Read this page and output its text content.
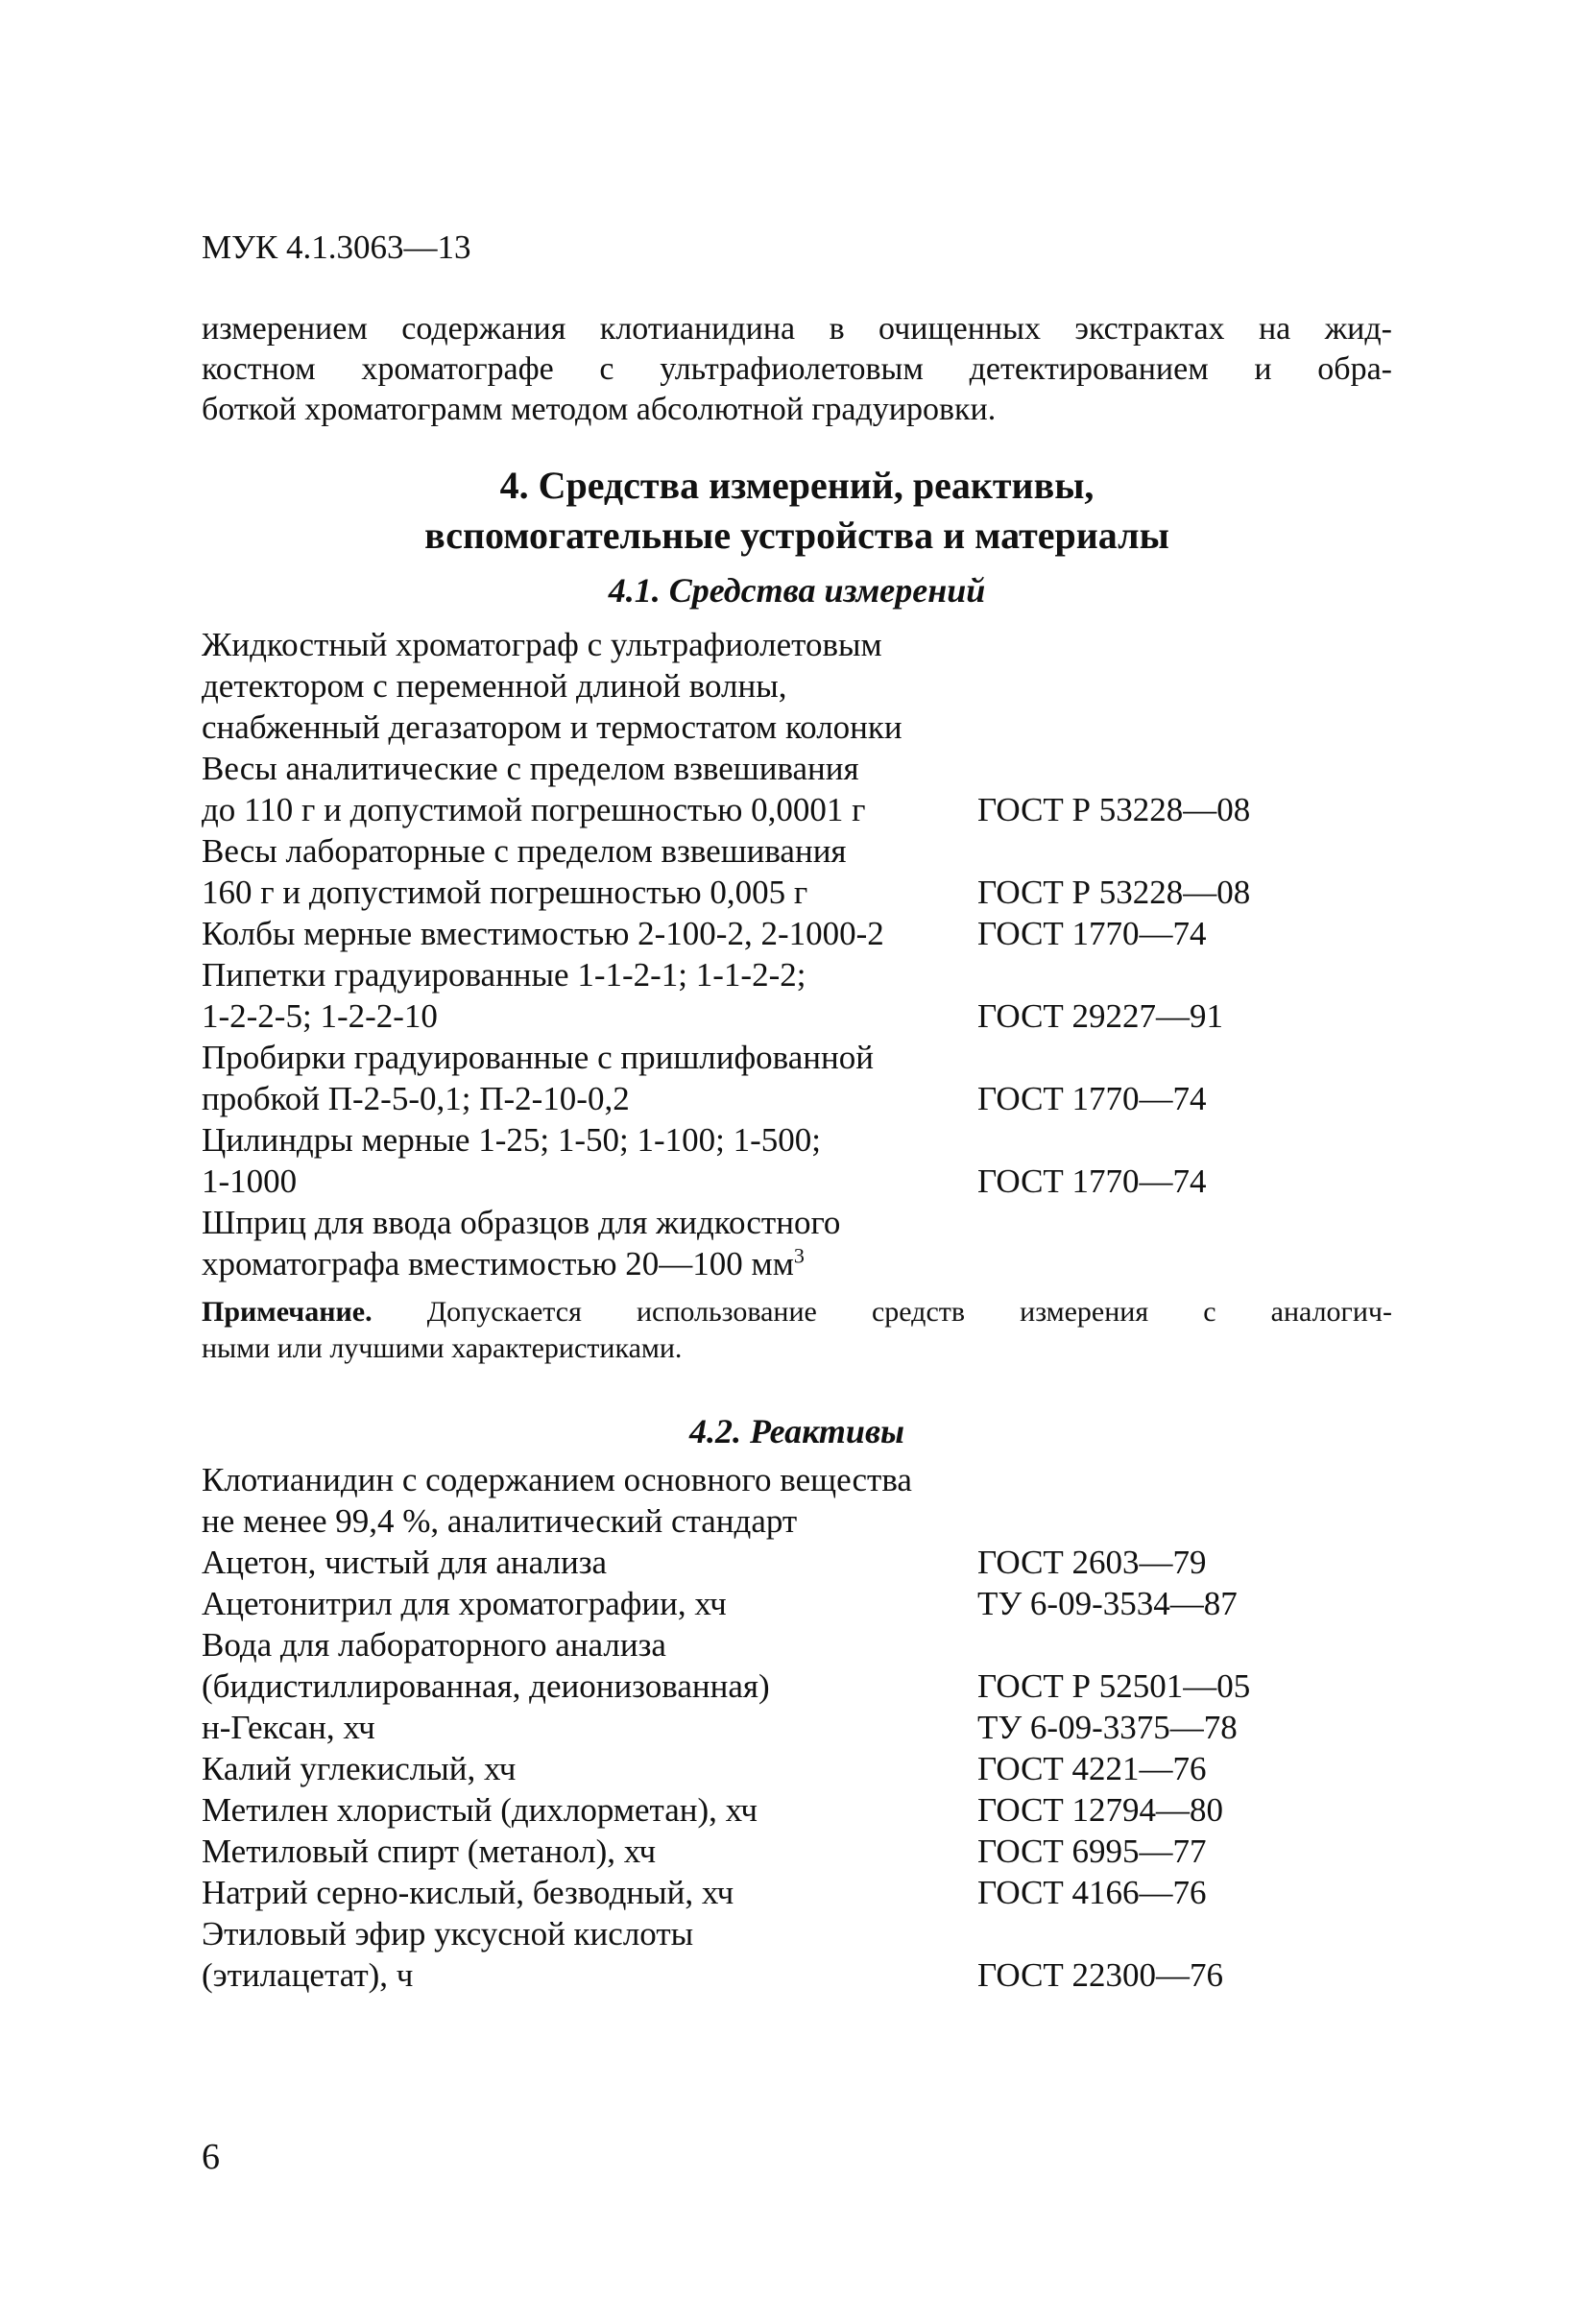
МУК 4.1.3063—13
измерением содержания клотианидина в очищенных экстрактах на жид-
костном хроматографе с ультрафиолетовым детектированием и обра-
боткой хроматограмм методом абсолютной градуировки.
4. Средства измерений, реактивы,
вспомогательные устройства и материалы
4.1. Средства измерений
Жидкостный хроматограф с ультрафиолетовым
детектором с переменной длиной волны,
снабженный дегазатором и термостатом колонки
Весы аналитические с пределом взвешивания
до 110 г и допустимой погрешностью 0,0001 г	ГОСТ Р 53228—08
Весы лабораторные с пределом взвешивания
160 г и допустимой погрешностью 0,005 г	ГОСТ Р 53228—08
Колбы мерные вместимостью 2-100-2, 2-1000-2	ГОСТ 1770—74
Пипетки градуированные 1-1-2-1; 1-1-2-2;
1-2-2-5; 1-2-2-10	ГОСТ 29227—91
Пробирки градуированные с пришлифованной
пробкой П-2-5-0,1; П-2-10-0,2	ГОСТ 1770—74
Цилиндры мерные 1-25; 1-50; 1-100; 1-500;
1-1000	ГОСТ 1770—74
Шприц для ввода образцов для жидкостного
хроматографа вместимостью 20—100 $мм^3$
Примечание. Допускается использование средств измерения с аналогич-
ными или лучшими характеристиками.
4.2. Реактивы
Клотианидин с содержанием основного вещества
не менее 99,4 %, аналитический стандарт
Ацетон, чистый для анализа	ГОСТ 2603—79
Ацетонитрил для хроматографии, хч	ТУ 6-09-3534—87
Вода для лабораторного анализа
(бидистиллированная, деионизованная)	ГОСТ Р 52501—05
н-Гексан, хч	ТУ 6-09-3375—78
Калий углекислый, хч	ГОСТ 4221—76
Метилен хлористый (дихлорметан), хч	ГОСТ 12794—80
Метиловый спирт (метанол), хч	ГОСТ 6995—77
Натрий серно-кислый, безводный, хч	ГОСТ 4166—76
Этиловый эфир уксусной кислоты
(этилацетат), ч	ГОСТ 22300—76
6
